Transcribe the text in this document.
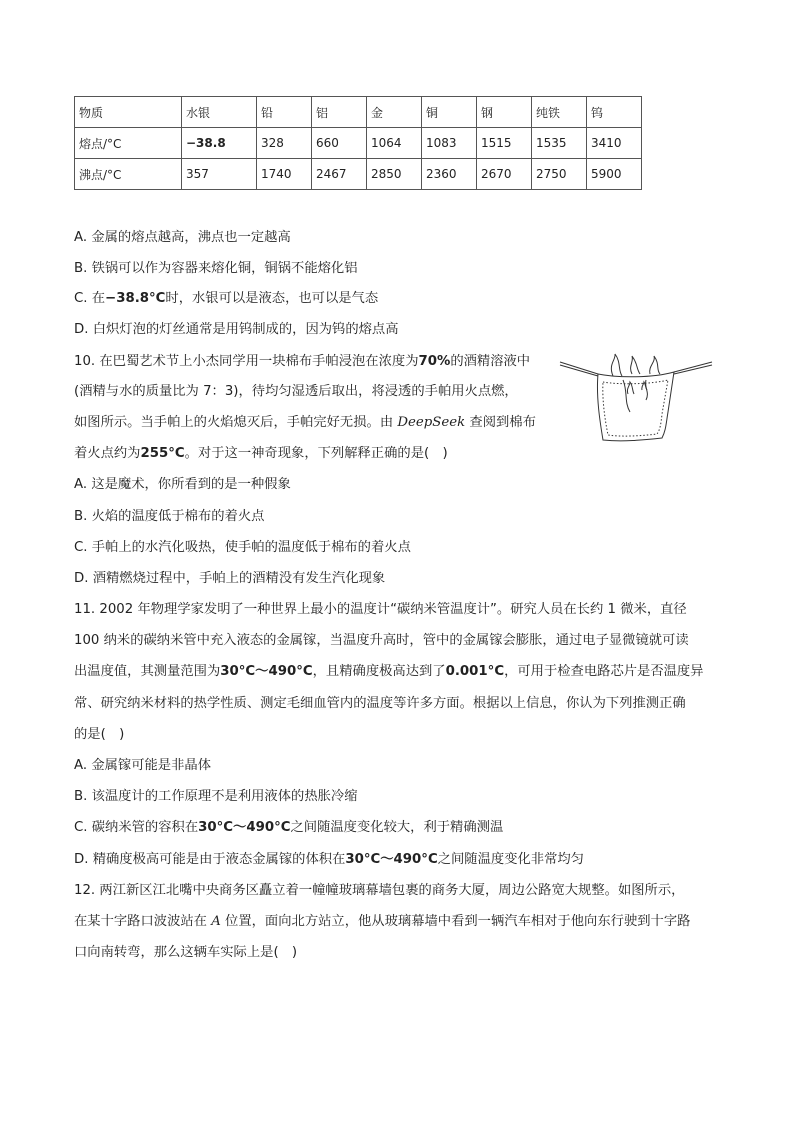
物质	水银	铅	铝	金	铜	钢	纯铁	钨
熔点/°C	−38.8	328	660	1064	1083	1515	1535	3410
沸点/°C	357	1740	2467	2850	2360	2670	2750	5900
A. 金属的熔点越高，沸点也一定越高
B. 铁锅可以作为容器来熔化铜，铜锅不能熔化铝
C. 在−38.8°C时，水银可以是液态，也可以是气态
D. 白炽灯泡的灯丝通常是用钨制成的，因为钨的熔点高
10. 在巴蜀艺术节上小杰同学用一块棉布手帕浸泡在浓度为70%的酒精溶液中
(酒精与水的质量比为 7：3)，待均匀湿透后取出，将浸透的手帕用火点燃，
如图所示。当手帕上的火焰熄灭后，手帕完好无损。由 DeepSeek 查阅到棉布
着火点约为255°C。对于这一神奇现象，下列解释正确的是(　)
A. 这是魔术，你所看到的是一种假象
B. 火焰的温度低于棉布的着火点
C. 手帕上的水汽化吸热，使手帕的温度低于棉布的着火点
D. 酒精燃烧过程中，手帕上的酒精没有发生汽化现象
11. 2002 年物理学家发明了一种世界上最小的温度计“碳纳米管温度计”。研究人员在长约 1 微米，直径
100 纳米的碳纳米管中充入液态的金属镓，当温度升高时，管中的金属镓会膨胀，通过电子显微镜就可读
出温度值，其测量范围为30°C～490°C，且精确度极高达到了0.001°C，可用于检查电路芯片是否温度异
常、研究纳米材料的热学性质、测定毛细血管内的温度等许多方面。根据以上信息，你认为下列推测正确
的是(　)
A. 金属镓可能是非晶体
B. 该温度计的工作原理不是利用液体的热胀冷缩
C. 碳纳米管的容积在30°C～490°C之间随温度变化较大，利于精确测温
D. 精确度极高可能是由于液态金属镓的体积在30°C～490°C之间随温度变化非常均匀
12. 两江新区江北嘴中央商务区矗立着一幢幢玻璃幕墙包裹的商务大厦，周边公路宽大规整。如图所示，
在某十字路口波波站在 A 位置，面向北方站立，他从玻璃幕墙中看到一辆汽车相对于他向东行驶到十字路
口向南转弯，那么这辆车实际上是(　)
